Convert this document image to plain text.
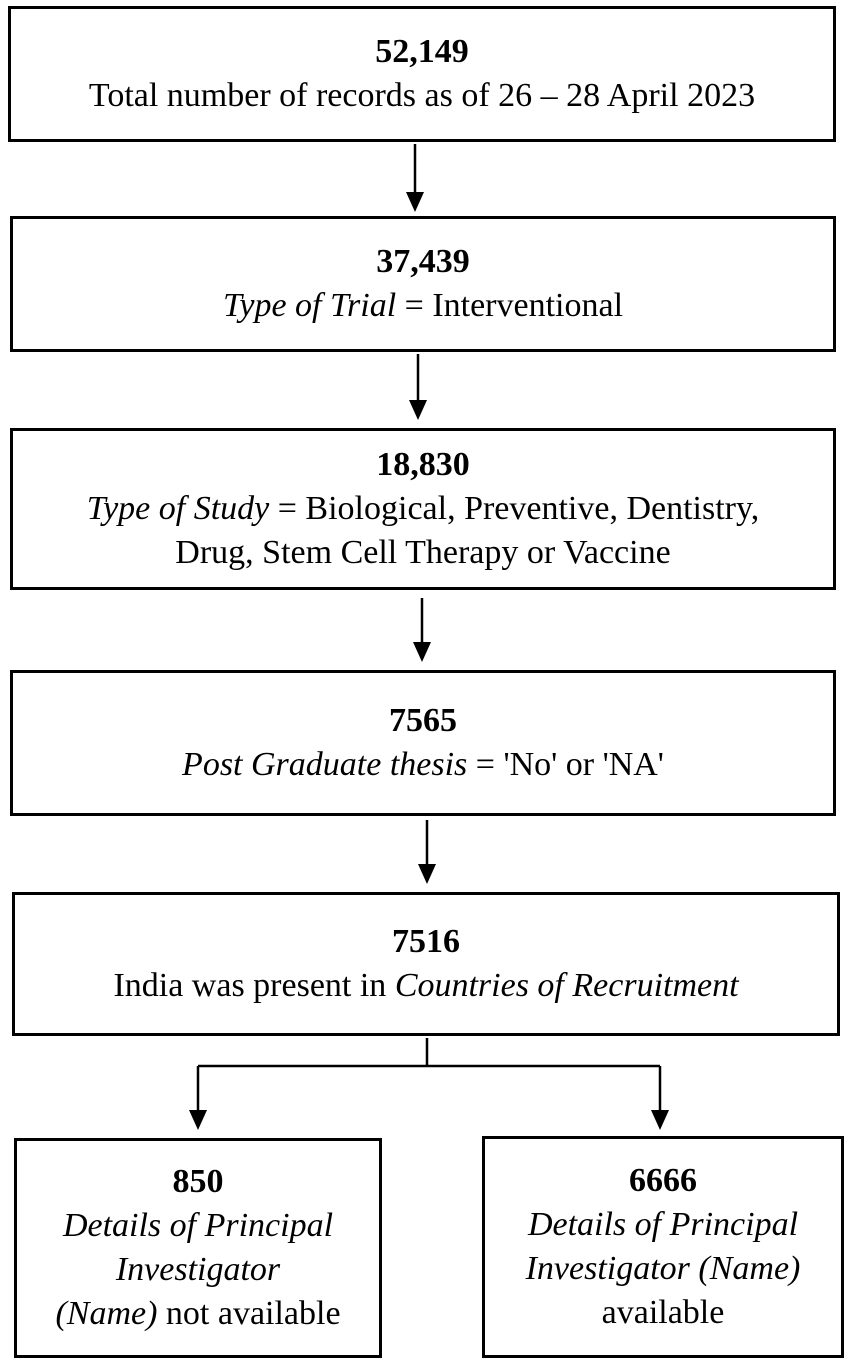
52,149
Total number of records as of 26 – 28 April 2023
37,439
Type of Trial = Interventional
18,830
Type of Study = Biological, Preventive, Dentistry,
Drug, Stem Cell Therapy or Vaccine
7565
Post Graduate thesis = 'No' or 'NA'
7516
India was present in Countries of Recruitment
850
Details of Principal
Investigator
(Name) not available
6666
Details of Principal
Investigator (Name)
available
